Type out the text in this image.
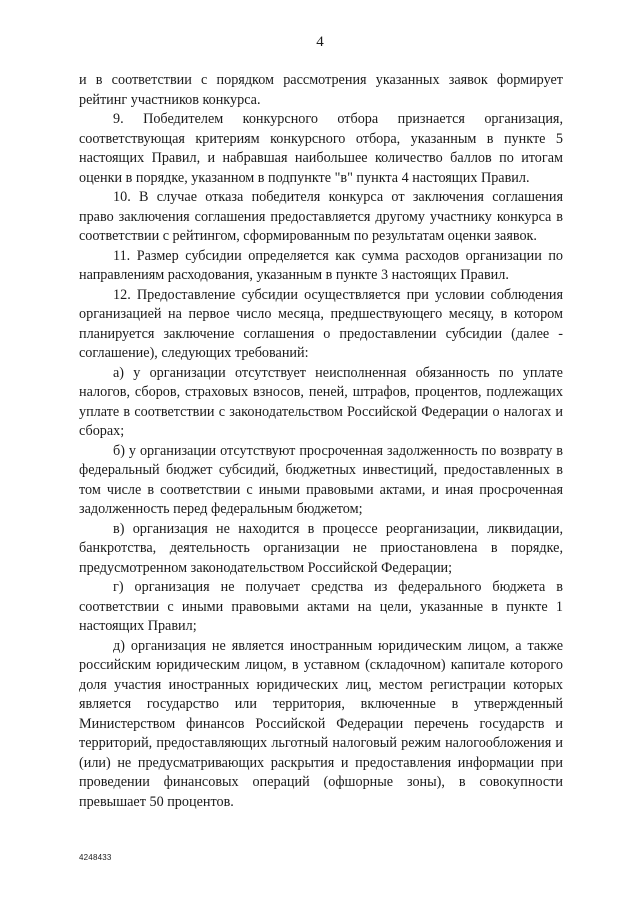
4

и в соответствии с порядком рассмотрения указанных заявок формирует рейтинг участников конкурса.

9. Победителем конкурсного отбора признается организация, соответствующая критериям конкурсного отбора, указанным в пункте 5 настоящих Правил, и набравшая наибольшее количество баллов по итогам оценки в порядке, указанном в подпункте "в" пункта 4 настоящих Правил.

10. В случае отказа победителя конкурса от заключения соглашения право заключения соглашения предоставляется другому участнику конкурса в соответствии с рейтингом, сформированным по результатам оценки заявок.

11. Размер субсидии определяется как сумма расходов организации по направлениям расходования, указанным в пункте 3 настоящих Правил.

12. Предоставление субсидии осуществляется при условии соблюдения организацией на первое число месяца, предшествующего месяцу, в котором планируется заключение соглашения о предоставлении субсидии (далее - соглашение), следующих требований:

а) у организации отсутствует неисполненная обязанность по уплате налогов, сборов, страховых взносов, пеней, штрафов, процентов, подлежащих уплате в соответствии с законодательством Российской Федерации о налогах и сборах;

б) у организации отсутствуют просроченная задолженность по возврату в федеральный бюджет субсидий, бюджетных инвестиций, предоставленных в том числе в соответствии с иными правовыми актами, и иная просроченная задолженность перед федеральным бюджетом;

в) организация не находится в процессе реорганизации, ликвидации, банкротства, деятельность организации не приостановлена в порядке, предусмотренном законодательством Российской Федерации;

г) организация не получает средства из федерального бюджета в соответствии с иными правовыми актами на цели, указанные в пункте 1 настоящих Правил;

д) организация не является иностранным юридическим лицом, а также российским юридическим лицом, в уставном (складочном) капитале которого доля участия иностранных юридических лиц, местом регистрации которых является государство или территория, включенные в утвержденный Министерством финансов Российской Федерации перечень государств и территорий, предоставляющих льготный налоговый режим налогообложения и (или) не предусматривающих раскрытия и предоставления информации при проведении финансовых операций (офшорные зоны), в совокупности превышает 50 процентов.

4248433
